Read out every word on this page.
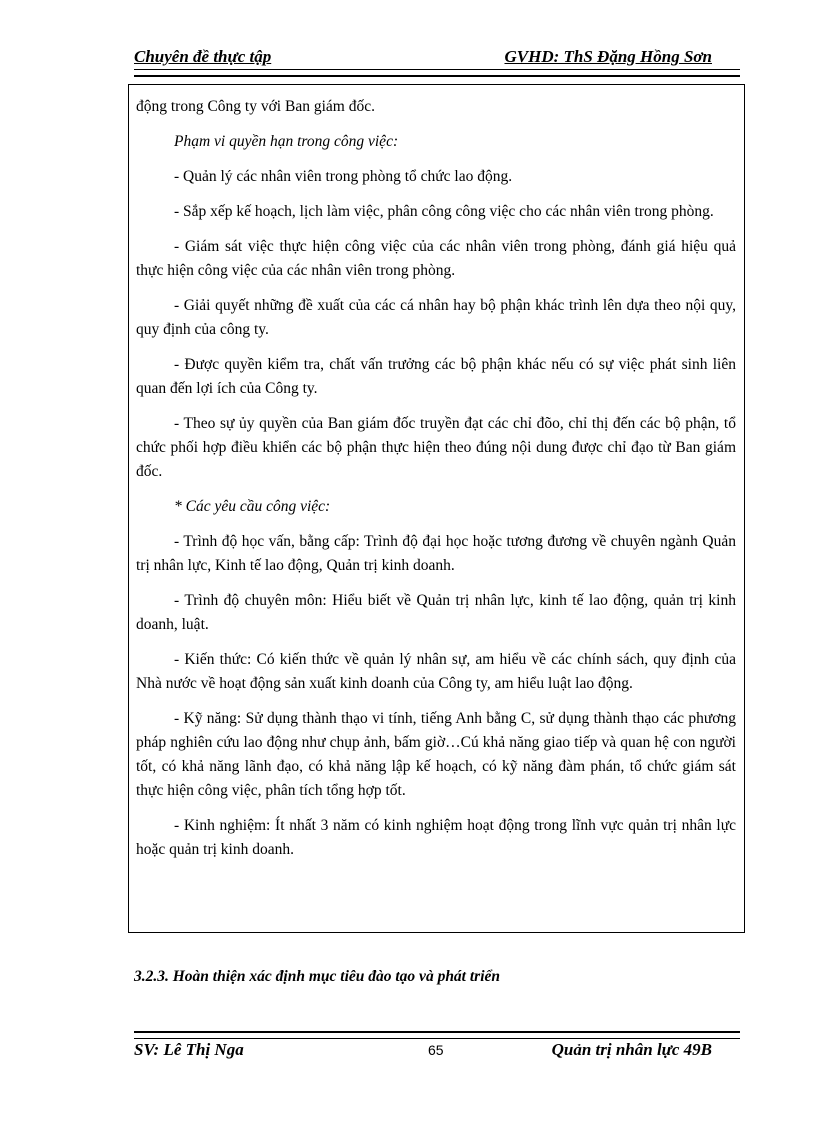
Chuyên đề thực tập	GVHD: ThS Đặng Hồng Sơn

động trong Công ty với Ban giám đốc.

Phạm vi quyền hạn trong công việc:

- Quản lý các nhân viên trong phòng tổ chức lao động.

- Sắp xếp kế hoạch, lịch làm việc, phân công công việc cho các nhân viên trong phòng.

- Giám sát việc thực hiện công việc của các nhân viên trong phòng, đánh giá hiệu quả thực hiện công việc của các nhân viên trong phòng.

- Giải quyết những đề xuất của các cá nhân hay bộ phận khác trình lên dựa theo nội quy, quy định của công ty.

- Được quyền kiểm tra, chất vấn trưởng các bộ phận khác nếu có sự việc phát sinh liên quan đến lợi ích của Công ty.

- Theo sự ủy quyền của Ban giám đốc truyền đạt các chỉ đõo, chỉ thị đến các bộ phận, tổ chức phối hợp điều khiển các bộ phận thực hiện theo đúng nội dung được chỉ đạo từ Ban giám đốc.

* Các yêu cầu công việc:

- Trình độ học vấn, bằng cấp: Trình độ đại học hoặc tương đương về chuyên ngành Quản trị nhân lực, Kinh tế lao động, Quản trị kinh doanh.

- Trình độ chuyên môn: Hiểu biết về Quản trị nhân lực, kinh tế lao động, quản trị kinh doanh, luật.

- Kiến thức: Có kiến thức về quản lý nhân sự, am hiểu về các chính sách, quy định của Nhà nước về hoạt động sản xuất kinh doanh của Công ty, am hiểu luật lao động.

- Kỹ năng: Sử dụng thành thạo vi tính, tiếng Anh bằng C, sử dụng thành thạo các phương pháp nghiên cứu lao động như chụp ảnh, bấm giờ…Cú khả năng giao tiếp và quan hệ con người tốt, có khả năng lãnh đạo, có khả năng lập kế hoạch, có kỹ năng đàm phán, tổ chức giám sát thực hiện công việc, phân tích tổng hợp tốt.

- Kinh nghiệm: Ít nhất 3 năm có kinh nghiệm hoạt động trong lĩnh vực quản trị nhân lực hoặc quản trị kinh doanh.

3.2.3. Hoàn thiện xác định mục tiêu đào tạo và phát triển
SV: Lê Thị Nga	65	Quản trị nhân lực 49B
